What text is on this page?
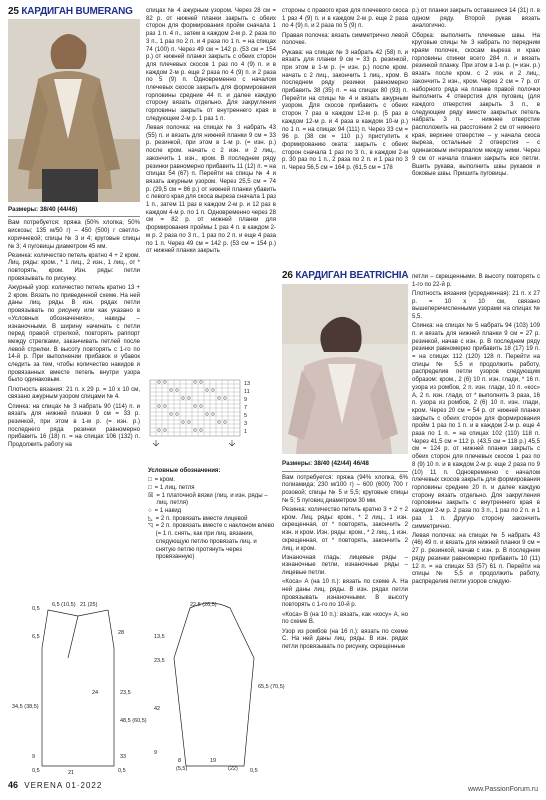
25 КАРДИГАН BUMERANG

Размеры: 38/40 (44/46)

Вам потребуется: пряжа (50% хлопка, 50% вискозы; 135 м/50 г) – 450 (500) г светло-коричневой; спицы № 3 и 4; круговые спицы № 3; 4 пуговицы диаметром 45 мм.

Резинка: количество петель кратно 4 + 2 кром. Лиц. ряды: кром., * 1 лиц., 2 изн., 1 лиц., от * повторять, кром. Изн. ряды: петли провязывать по рисунку.

Ажурный узор: количество петель кратно 13 + 2 кром. Вязать по приведенной схеме. На ней даны лиц. ряды. В изн. рядах петли провязывать по рисунку или как указано в «Условных обозначениях», накиды – изнаночными. В ширину начинать с петли перед правой стрелкой, повторять раппорт между стрелками, заканчивать петлей после левой стрелки. В высоту повторять с 1-го по 14-й р. При выполнении прибавок и убавок следить за тем, чтобы количество накидов и провязанных вместе петель внутри узора было одинаковым.

Плотность вязания: 21 п. х 29 р. = 10 х 10 см, связано ажурным узором спицами № 4.

Спинка: на спицах № 3 набрать 90 (114) п. и вязать для нижней планки 9 см = 33 р. резинкой, при этом в 1-м р. (= изн. р.) последнего ряда резинки равномерно прибавить 16 (18) п. = на спицах 106 (132) п. Продолжить работу на

спицах № 4 ажурным узором. Через 28 см = 82 р. от нижней планки закрыть с обеих сторон для формирования пройм сначала 1 раз 1 п. 4 п., затем в каждом 2-м р. 2 раза по 3 п., 1 раз по 2 п. и 4 раза по 1 п. = на спицах 74 (100) п. Через 49 см = 142 р. (53 см = 154 р.) от нижней планки закрыть с обеих сторон для плечевых скосов 1 раз по 4 (9) п. и в каждом 2-м р. еще 2 раза по 4 (9) п. и 2 раза по 5 (9) п. Одновременно с началом плечевых скосов закрыть для формирования горловины средние 44 п. и далее каждую сторону вязать отдельно. Для закругления горловины закрыть от внутреннего края в следующем 2-м р. 1 раз 1 п.

Левая полочка: на спицах № 3 набрать 43 (55) п. и вязать для нижней планки 9 см = 33 р. резинкой, при этом в 1-м р. (= изн. р.) после кром. начать с 2 изн. и 2 лиц., закончить 1 изн., кром. В последнем ряду резинки равномерно прибавить 11 (12) п. = на спицах 54 (67) п. Перейти на спицы № 4 и вязать ажурным узором. Через 25,5 см = 74 р. (29,5 см = 86 р.) от нижней планки убавить с левого края для скоса выреза сначала 1 раз 1 п., затем 11 раз в каждом 2-м р. и 12 раз в каждом 4-м р. по 1 п. Одновременно через 28 см = 82 р. от нижней планки для формирования проймы 1 раз 4 п. в каждом 2-м р. 2 раза по 3 п., 1 раз по 2 п. и еще 4 раза по 1 п. Через 49 см = 142 р. (53 см = 154 р.) от нижней планки закрыть

13
11
9
7
5
3
1

Условные обозначения:

□ = кром.
□ = 1 лиц. петля
☒ = 1 платочной вязки (лиц. и изн. ряды – лиц. петля)
○ = 1 накид
◺ = 2 п. провязать вместе лицевой
◹ = 2 п. провязать вместе с наклоном влево (= 1 п. снять, как при лиц. вязании, следующую петлю провязать лиц. и снятую петлю протянуть через провязанную)
0,5
6,5 (10,5) 21 (25)
6,5
28
23,5
34,5 (38,5)
24
48,5 (60,5)
9	33
21
0,5	0,5
22,5 (26,5)
13,5
65,5 (70,5)
23,5
42
9
8
(5,5)
19
(22) 0,5

стороны с правого края для плечевого скоса 1 раз 4 (9) п. и в каждом 2-м р. еще 2 раза по 4 (9) п. и 2 раза по 5 (9) п.

Правая полочка: вязать симметрично левой полочке.

Рукава: на спицах № 3 набрать 42 (58) п. и вязать для планки 9 см = 33 р. резинкой, при этом в 1-м р. (= изн. р.) после кром. начать с 2 лиц., закончить 1 лиц., кром. В последнем ряду резинки равномерно прибавить 38 (35) п. = на спицах 80 (93) п. Перейти на спицы № 4 и вязать ажурным узором. Для скосов прибавить с обеих сторон 7 раз в каждом 12-м р. (5 раз в каждом 12-м р. и 4 раза в каждом 10-м р.) по 1 п. = на спицах 94 (111) п. Через 33 см = 96 р. (38 см = 110 р.) приступить к формированию оката: закрыть с обеих сторон сначала 1 раз по 3 п., в каждом 2-м р. 30 раз по 1 п., 2 раза по 2 п. и 1 раз по 3 п. Через 56,5 см = 164 р. (61,5 см = 178

р.) от планки закрыть оставшиеся 14 (31) п. в одном ряду. Второй рукав вязать аналогично.

Сборка: выполнить плечевые швы. На круговые спицы № 3 набрать по передним краям полочек, скосам выреза и краю горловины спинки всего 284 п. и вязать резинкой планку. При этом в 1-м р. (= изн. р.) вязать после кром. с 2 изн. и 2 лиц., закончить 2 изн., кром. Через 2 см = 7 р. от наборного ряда на планке правой полочки выполнить 4 отверстия для пуговиц (для каждого отверстия закрыть 3 п., в следующем ряду вместе закрытых петель набрать 3 п. – нижнее отверстие расположить на расстоянии 2 см от нижнего края, верхнее отверстие – у начала скоса выреза, остальные 2 отверстия – с одинаковым интервалом между ними. Через 9 см от начала планки закрыть все петли. Вшить рукава, выполнить швы рукавов и боковые швы. Пришить пуговицы.

26 КАРДИГАН BEATRICHIA

Размеры: 38/40 (42/44) 46/48

Вам потребуется: пряжа (94% хлопка, 6% полиамида; 230 м/100 г) – 600 (600) 700 г розовой; спицы № 5 и 5,5; круговые спицы № 5; 5 пуговиц диаметром 30 мм.

Резинка: количество петель кратно 3 + 2 + 2 кром. Лиц. ряды: кром., * 2 лиц., 1 изн. скрещенная, от * повторять, закончить 2 изн. и кром. Изн. ряды: кром., * 2 лиц., 1 изн. скрещенная, от * повторять, закончить 2 лиц. и кром.

Изнаночная гладь: лицевые ряды – изнаночные петли, изнаночные ряды – лицевые петли.

«Коса» А (на 10 п.): вязать по схеме А. На ней даны лиц. ряды. В изн. рядах петли провязывать изнаночными. В высоту повторять с 1-го по 10-й р.

«Коса» В (на 10 п.): вязать, как «косу» А, но по схеме В.

Узор из ромбов (на 16 п.): вязать по схеме С. На ней даны лиц. ряды. В изн. рядах петли провязывать по рисунку, скрещенные

петли – скрещенными. В высоту повторять с 1-го по 22-й р.

Плотность вязания (усредненная): 21 п. х 27 р. = 10 х 10 см, связано вышеперечисленными узорами на спицах № 5,5.

Спинка: на спицах № 5 набрать 94 (103) 109 п. и вязать для нижней планки 9 см = 27 р. резинкой, начав с изн. р. В последнем ряду резинки равномерно прибавить 18 (17) 19 п. = на спицах 112 (120) 128 п. Перейти на спицы № 5,5 и продолжить работу, распределив петли узоров следующим образом: кром., 2 (6) 10 п. изн. глади, * 16 п. узора из ромбов, 2 п. изн. глади, 10 п. «кос» А, 2 п. изн. глади, от * выполнить 3 раза, 16 п. узора из ромбов, 2 (6) 10 п. изн. глади, кром. Через 20 см = 54 р. от нижней планки закрыть с обеих сторон для формирования пройм 1 раз по 1 п. и в каждом 2-м р. еще 4 раза по 1 п. = на спицах 102 (110) 118 п. Через 41,5 см = 112 р. (43,5 см = 118 р.) 45,5 см = 124 р. от нижней планки закрыть с обеих сторон для плечевых скосов 1 раз по 8 (9) 10 п. и в каждом 2-м р. еще 2 раза по 9 (10) 11 п. Одновременно с началом плечевых скосов закрыть для формирования горловины средние 20 п. и далее каждую сторону вязать отдельно. Для закругления горловины закрыть с внутреннего края в каждом 2-м р. 2 раза по 3 п., 1 раз по 2 п. и 1 раз 1 п. Другую сторону закончить симметрично.

Левая полочка: на спицах № 5 набрать 43 (46) 49 п. и вязать для нижней планки 9 см = 27 р. резинкой, начав с изн. р. В последнем ряду резинки равномерно прибавить 10 (11) 12 п. = на спицах 53 (57) 61 п. Перейти на спицы № 5,5 и продолжить работу, распределив петли узоров следую-

46 VERENA 01·2022	www.PassionForum.ru
